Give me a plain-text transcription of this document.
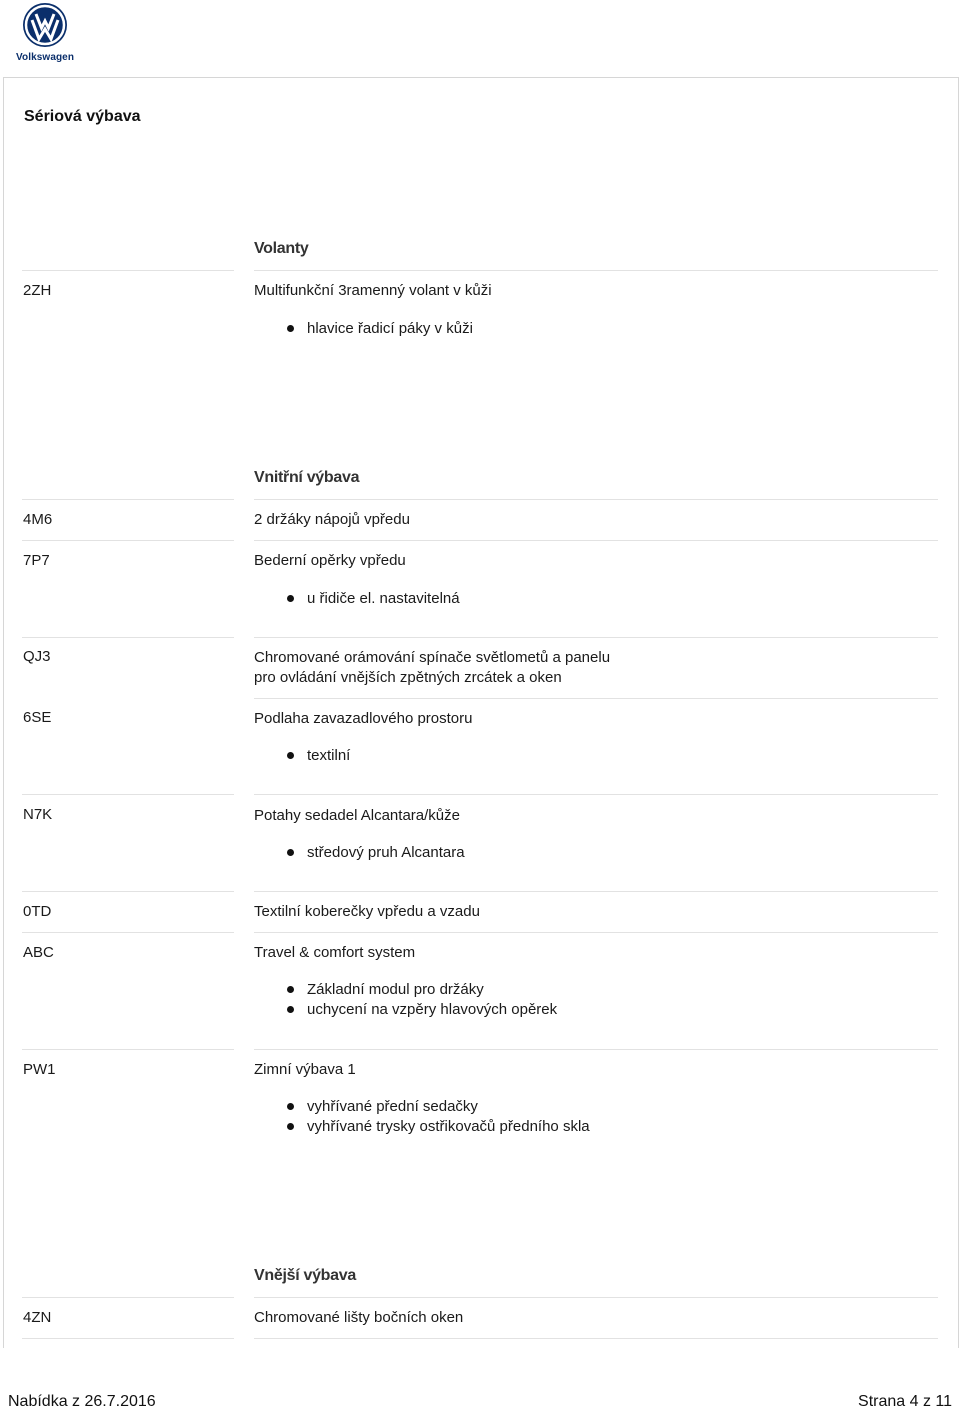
Volkswagen
Sériová výbava
Volanty
2ZH	Multifunkční 3ramenný volant v kůži
hlavice řadicí páky v kůži
Vnitřní výbava
4M6	2 držáky nápojů vpředu
7P7	Bederní opěrky vpředu
u řidiče el. nastavitelná
QJ3	Chromované orámování spínače světlometů a panelu
pro ovládání vnějších zpětných zrcátek a oken
6SE	Podlaha zavazadlového prostoru
textilní
N7K	Potahy sedadel Alcantara/kůže
středový pruh Alcantara
0TD	Textilní koberečky vpředu a vzadu
ABC	Travel & comfort system
Základní modul pro držáky
uchycení na vzpěry hlavových opěrek
PW1	Zimní výbava 1
vyhřívané přední sedačky
vyhřívané trysky ostřikovačů předního skla
Vnější výbava
4ZN	Chromované lišty bočních oken
Nabídka z 26.7.2016	Strana 4 z 11
